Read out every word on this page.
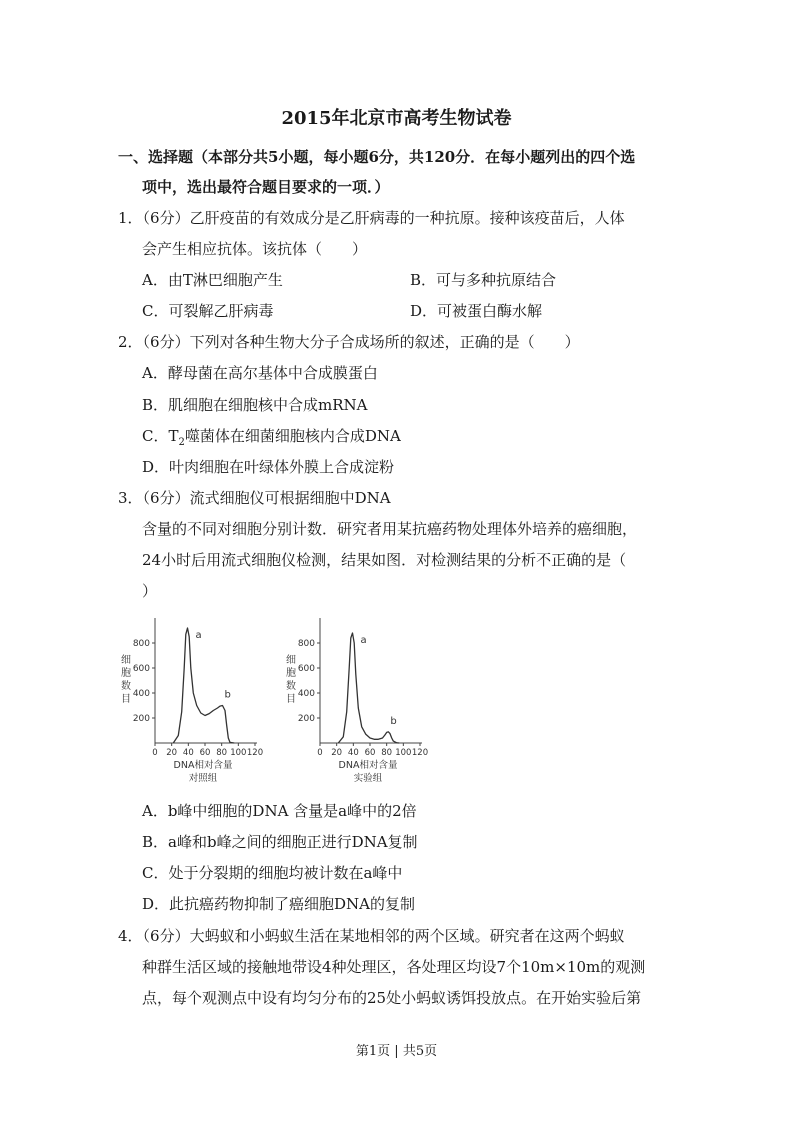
2015年北京市高考生物试卷
一、选择题（本部分共5小题，每小题6分，共120分．在每小题列出的四个选
项中，选出最符合题目要求的一项．）
1．（6分）乙肝疫苗的有效成分是乙肝病毒的一种抗原。接种该疫苗后，人体
会产生相应抗体。该抗体（　　）
A．由T淋巴细胞产生	B．可与多种抗原结合
C．可裂解乙肝病毒	D．可被蛋白酶水解
2．（6分）下列对各种生物大分子合成场所的叙述，正确的是（　　）
A．酵母菌在高尔基体中合成膜蛋白
B．肌细胞在细胞核中合成mRNA
C．$T_2$噬菌体在细菌细胞核内合成DNA
D．叶肉细胞在叶绿体外膜上合成淀粉
3．（6分）流式细胞仪可根据细胞中DNA
含量的不同对细胞分别计数．研究者用某抗癌药物处理体外培养的癌细胞，
24小时后用流式细胞仪检测，结果如图．对检测结果的分析不正确的是（
）
200
400
600
800
0 20 40 60 80 100 120
细
胞
数
目
DNA相对含量
对照组
a
b
200
400
600
800
0 20 40 60 80 100 120
细
胞
数
目
DNA相对含量
实验组
a
b
A．b峰中细胞的DNA 含量是a峰中的2倍
B．a峰和b峰之间的细胞正进行DNA复制
C．处于分裂期的细胞均被计数在a峰中
D．此抗癌药物抑制了癌细胞DNA的复制
4．（6分）大蚂蚁和小蚂蚁生活在某地相邻的两个区域。研究者在这两个蚂蚁
种群生活区域的接触地带设4种处理区，各处理区均设7个10m×10m的观测
点，每个观测点中设有均匀分布的25处小蚂蚁诱饵投放点。在开始实验后第
第1页 | 共5页
